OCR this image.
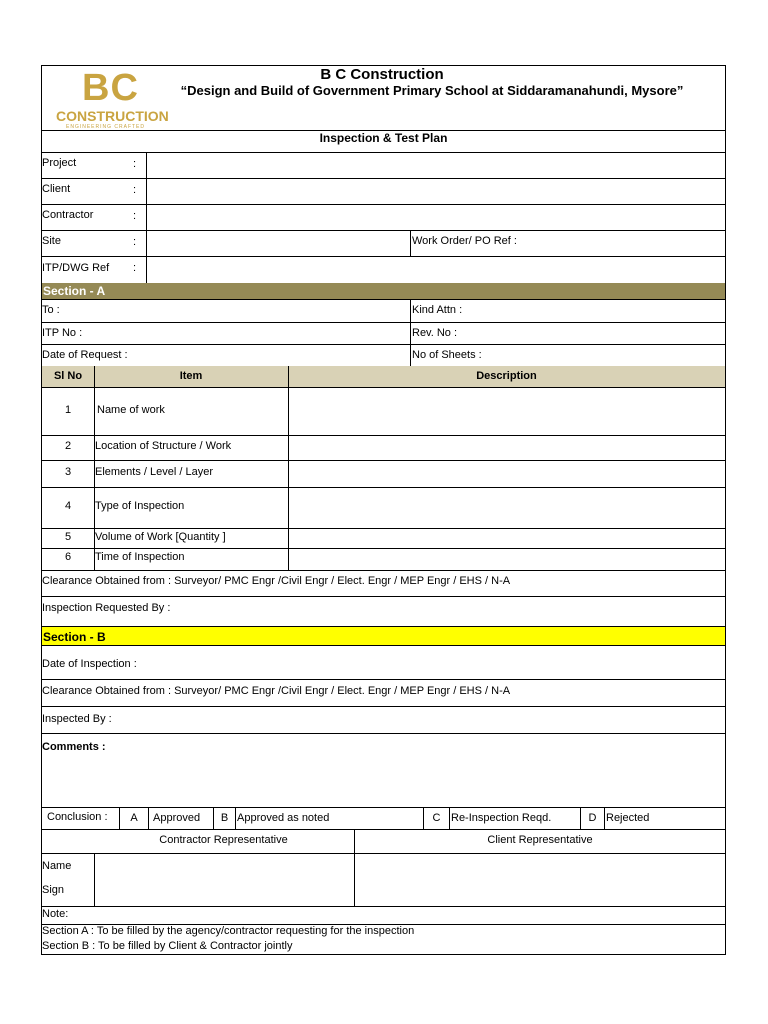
BC
CONSTRUCTION
ENGINEERING CRAFTED
B C Construction
“Design and Build of Government Primary School at Siddaramanahundi, Mysore”
Inspection & Test Plan
Project	:
Client	:
Contractor	:
Site	:	Work Order/ PO Ref :
ITP/DWG Ref :
Section - A
To :	Kind Attn :
ITP No :	Rev. No :
Date of Request :	No of Sheets :
Sl No	Item	Description
1	Name of work
2	Location of Structure / Work
3	Elements / Level / Layer
4	Type of Inspection
5	Volume of Work [Quantity ]
6	Time of Inspection
Clearance Obtained from : Surveyor/ PMC Engr /Civil Engr / Elect. Engr / MEP Engr / EHS / N-A
Inspection Requested By :
Section - B
Date of Inspection :
Clearance Obtained from : Surveyor/ PMC Engr /Civil Engr / Elect. Engr / MEP Engr / EHS / N-A
Inspected By :
Comments :
Conclusion :	A	Approved	B Approved as noted	C Re-Inspection Reqd.	D Rejected
Contractor Representative	Client Representative
Name
Sign
Note:
Section A : To be filled by the agency/contractor requesting for the inspection
Section B : To be filled by Client & Contractor jointly
